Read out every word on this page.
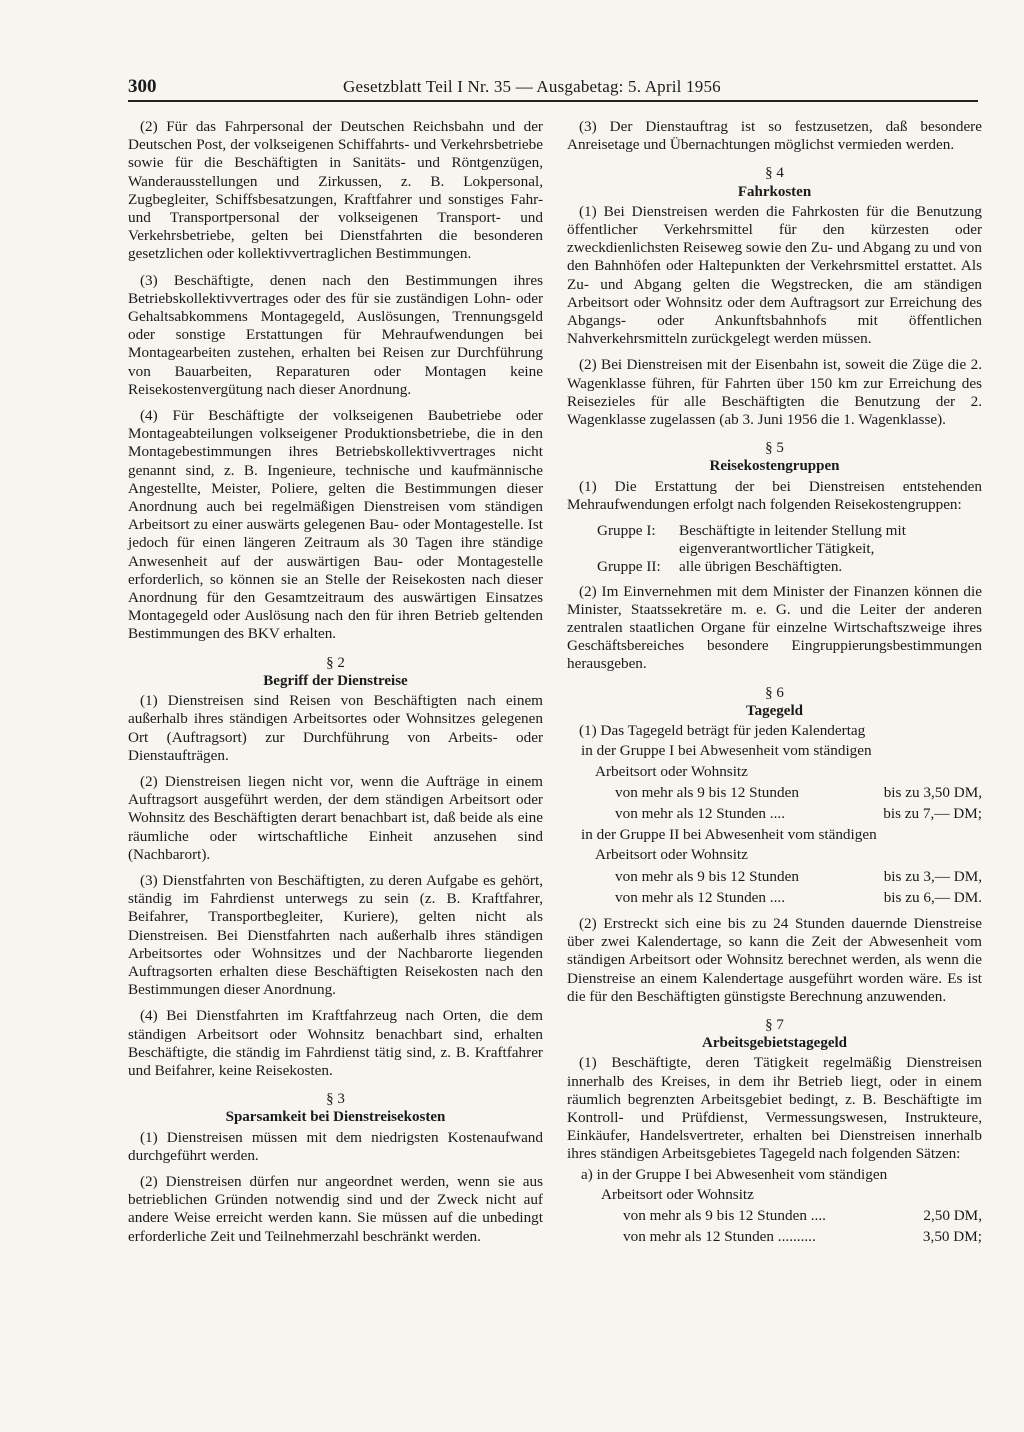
300	Gesetzblatt Teil I Nr. 35 — Ausgabetag: 5. April 1956

(2) Für das Fahrpersonal der Deutschen Reichsbahn und der Deutschen Post, der volkseigenen Schiffahrts- und Verkehrsbetriebe sowie für die Beschäftigten in Sanitäts- und Röntgenzügen, Wanderausstellungen und Zirkussen, z. B. Lokpersonal, Zugbegleiter, Schiffsbesatzungen, Kraftfahrer und sonstiges Fahr- und Transportpersonal der volkseigenen Transport- und Verkehrsbetriebe, gelten bei Dienstfahrten die besonderen gesetzlichen oder kollektivvertraglichen Bestimmungen.

(3) Beschäftigte, denen nach den Bestimmungen ihres Betriebskollektivvertrages oder des für sie zuständigen Lohn- oder Gehaltsabkommens Montagegeld, Auslösungen, Trennungsgeld oder sonstige Erstattungen für Mehraufwendungen bei Montagearbeiten zustehen, erhalten bei Reisen zur Durchführung von Bauarbeiten, Reparaturen oder Montagen keine Reisekostenvergütung nach dieser Anordnung.

(4) Für Beschäftigte der volkseigenen Baubetriebe oder Montageabteilungen volkseigener Produktionsbetriebe, die in den Montagebestimmungen ihres Betriebskollektivvertrages nicht genannt sind, z. B. Ingenieure, technische und kaufmännische Angestellte, Meister, Poliere, gelten die Bestimmungen dieser Anordnung auch bei regelmäßigen Dienstreisen vom ständigen Arbeitsort zu einer auswärts gelegenen Bau- oder Montagestelle. Ist jedoch für einen längeren Zeitraum als 30 Tagen ihre ständige Anwesenheit auf der auswärtigen Bau- oder Montagestelle erforderlich, so können sie an Stelle der Reisekosten nach dieser Anordnung für den Gesamtzeitraum des auswärtigen Einsatzes Montagegeld oder Auslösung nach den für ihren Betrieb geltenden Bestimmungen des BKV erhalten.

§ 2
Begriff der Dienstreise

(1) Dienstreisen sind Reisen von Beschäftigten nach einem außerhalb ihres ständigen Arbeitsortes oder Wohnsitzes gelegenen Ort (Auftragsort) zur Durchführung von Arbeits- oder Dienstaufträgen.

(2) Dienstreisen liegen nicht vor, wenn die Aufträge in einem Auftragsort ausgeführt werden, der dem ständigen Arbeitsort oder Wohnsitz des Beschäftigten derart benachbart ist, daß beide als eine räumliche oder wirtschaftliche Einheit anzusehen sind (Nachbarort).

(3) Dienstfahrten von Beschäftigten, zu deren Aufgabe es gehört, ständig im Fahrdienst unterwegs zu sein (z. B. Kraftfahrer, Beifahrer, Transportbegleiter, Kuriere), gelten nicht als Dienstreisen. Bei Dienstfahrten nach außerhalb ihres ständigen Arbeitsortes oder Wohnsitzes und der Nachbarorte liegenden Auftragsorten erhalten diese Beschäftigten Reisekosten nach den Bestimmungen dieser Anordnung.

(4) Bei Dienstfahrten im Kraftfahrzeug nach Orten, die dem ständigen Arbeitsort oder Wohnsitz benachbart sind, erhalten Beschäftigte, die ständig im Fahrdienst tätig sind, z. B. Kraftfahrer und Beifahrer, keine Reisekosten.

§ 3
Sparsamkeit bei Dienstreisekosten

(1) Dienstreisen müssen mit dem niedrigsten Kostenaufwand durchgeführt werden.

(2) Dienstreisen dürfen nur angeordnet werden, wenn sie aus betrieblichen Gründen notwendig sind und der Zweck nicht auf andere Weise erreicht werden kann. Sie müssen auf die unbedingt erforderliche Zeit und Teilnehmerzahl beschränkt werden.

(3) Der Dienstauftrag ist so festzusetzen, daß besondere Anreisetage und Übernachtungen möglichst vermieden werden.

§ 4
Fahrkosten

(1) Bei Dienstreisen werden die Fahrkosten für die Benutzung öffentlicher Verkehrsmittel für den kürzesten oder zweckdienlichsten Reiseweg sowie den Zu- und Abgang zu und von den Bahnhöfen oder Haltepunkten der Verkehrsmittel erstattet. Als Zu- und Abgang gelten die Wegstrecken, die am ständigen Arbeitsort oder Wohnsitz oder dem Auftragsort zur Erreichung des Abgangs- oder Ankunftsbahnhofs mit öffentlichen Nahverkehrsmitteln zurückgelegt werden müssen.

(2) Bei Dienstreisen mit der Eisenbahn ist, soweit die Züge die 2. Wagenklasse führen, für Fahrten über 150 km zur Erreichung des Reisezieles für alle Beschäftigten die Benutzung der 2. Wagenklasse zugelassen (ab 3. Juni 1956 die 1. Wagenklasse).

§ 5
Reisekostengruppen

(1) Die Erstattung der bei Dienstreisen entstehenden Mehraufwendungen erfolgt nach folgenden Reisekostengruppen:

Gruppe I:	Beschäftigte in leitender Stellung mit
eigenverantwortlicher Tätigkeit,
Gruppe II:	alle übrigen Beschäftigten.

(2) Im Einvernehmen mit dem Minister der Finanzen können die Minister, Staatssekretäre m. e. G. und die Leiter der anderen zentralen staatlichen Organe für einzelne Wirtschaftszweige ihres Geschäftsbereiches besondere Eingruppierungsbestimmungen herausgeben.

§ 6
Tagegeld

(1) Das Tagegeld beträgt für jeden Kalendertag

in der Gruppe I bei Abwesenheit vom ständigen
Arbeitsort oder Wohnsitz
von mehr als 9 bis 12 Stunden	bis zu 3,50 DM,
von mehr als 12 Stunden ....	bis zu 7,— DM;
in der Gruppe II bei Abwesenheit vom ständigen
Arbeitsort oder Wohnsitz
von mehr als 9 bis 12 Stunden	bis zu 3,— DM,
von mehr als 12 Stunden ....	bis zu 6,— DM.

(2) Erstreckt sich eine bis zu 24 Stunden dauernde Dienstreise über zwei Kalendertage, so kann die Zeit der Abwesenheit vom ständigen Arbeitsort oder Wohnsitz berechnet werden, als wenn die Dienstreise an einem Kalendertage ausgeführt worden wäre. Es ist die für den Beschäftigten günstigste Berechnung anzuwenden.

§ 7
Arbeitsgebietstagegeld

(1) Beschäftigte, deren Tätigkeit regelmäßig Dienstreisen innerhalb des Kreises, in dem ihr Betrieb liegt, oder in einem räumlich begrenzten Arbeitsgebiet bedingt, z. B. Beschäftigte im Kontroll- und Prüfdienst, Vermessungswesen, Instrukteure, Einkäufer, Handelsvertreter, erhalten bei Dienstreisen innerhalb ihres ständigen Arbeitsgebietes Tagegeld nach folgenden Sätzen:

a) in der Gruppe I bei Abwesenheit vom ständigen
Arbeitsort oder Wohnsitz
von mehr als 9 bis 12 Stunden ....	2,50 DM,
von mehr als 12 Stunden ..........	3,50 DM;
